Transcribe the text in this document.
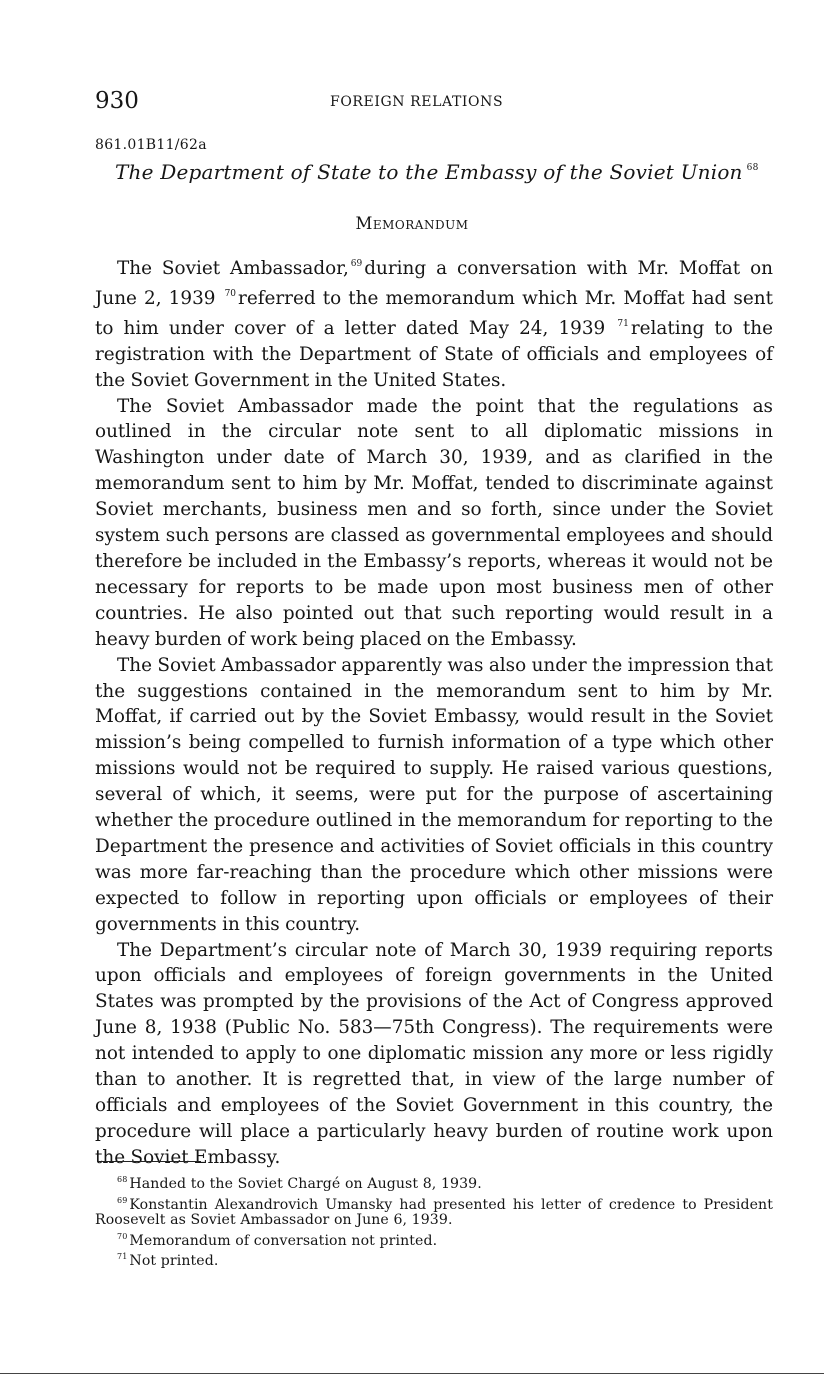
930	FOREIGN RELATIONS
861.01B11/62a
The Department of State to the Embassy of the Soviet Union $^{68}$
Memorandum

The Soviet Ambassador, $^{69}$ during a conversation with Mr. Moffat on June 2, 1939 $^{70}$ referred to the memorandum which Mr. Moffat had sent to him under cover of a letter dated May 24, 1939 $^{71}$ relating to the registration with the Department of State of officials and employees of the Soviet Government in the United States.

The Soviet Ambassador made the point that the regulations as outlined in the circular note sent to all diplomatic missions in Washington under date of March 30, 1939, and as clarified in the memorandum sent to him by Mr. Moffat, tended to discriminate against Soviet merchants, business men and so forth, since under the Soviet system such persons are classed as governmental employees and should therefore be included in the Embassy’s reports, whereas it would not be necessary for reports to be made upon most business men of other countries. He also pointed out that such reporting would result in a heavy burden of work being placed on the Embassy.

The Soviet Ambassador apparently was also under the impression that the suggestions contained in the memorandum sent to him by Mr. Moffat, if carried out by the Soviet Embassy, would result in the Soviet mission’s being compelled to furnish information of a type which other missions would not be required to supply. He raised various questions, several of which, it seems, were put for the purpose of ascertaining whether the procedure outlined in the memorandum for reporting to the Department the presence and activities of Soviet officials in this country was more far-reaching than the procedure which other missions were expected to follow in reporting upon officials or employees of their governments in this country.

The Department’s circular note of March 30, 1939 requiring reports upon officials and employees of foreign governments in the United States was prompted by the provisions of the Act of Congress approved June 8, 1938 (Public No. 583—75th Congress). The requirements were not intended to apply to one diplomatic mission any more or less rigidly than to another. It is regretted that, in view of the large number of officials and employees of the Soviet Government in this country, the procedure will place a particularly heavy burden of routine work upon the Soviet Embassy.

$^{68}$ Handed to the Soviet Chargé on August 8, 1939.

$^{69}$ Konstantin Alexandrovich Umansky had presented his letter of credence to President Roosevelt as Soviet Ambassador on June 6, 1939.

$^{70}$ Memorandum of conversation not printed.

$^{71}$ Not printed.
